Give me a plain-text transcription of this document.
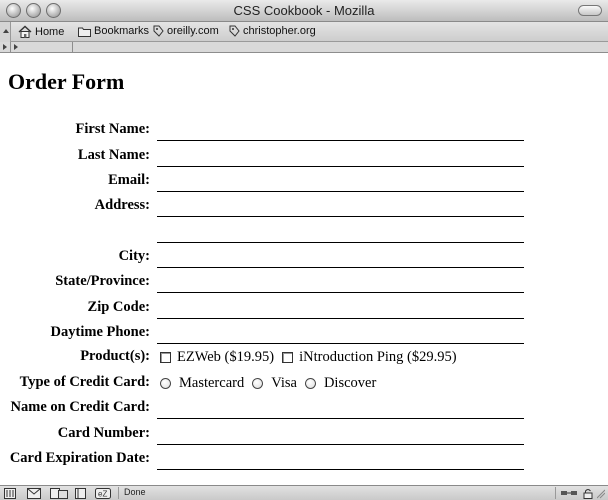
CSS Cookbook - Mozilla
Home	Bookmarks oreilly.com christopher.org
Order Form
First Name:
Last Name:
Email:
Address:
City:
State/Province:
Zip Code:
Daytime Phone:
Product(s): EZWeb ($19.95) iNtroduction Ping ($29.95)
Type of Credit Card: Mastercard Visa Discover
Name on Credit Card:
Card Number:
Card Expiration Date:
eZ Done
